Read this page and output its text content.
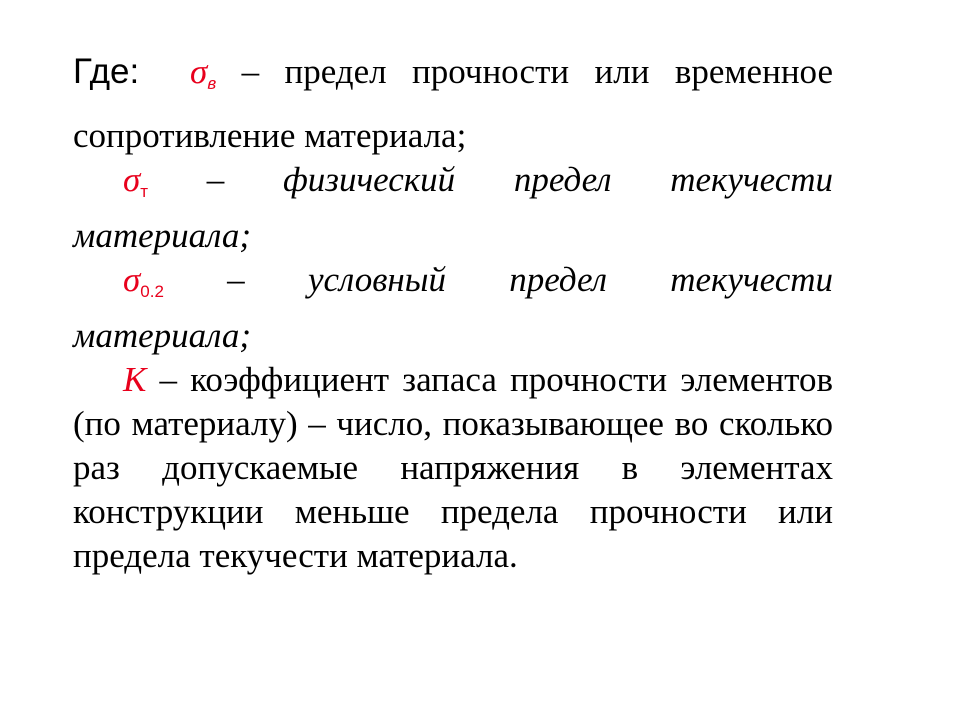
Где: $\sigma_в$ – предел прочности или временное
сопротивление материала;
$\sigma_т$ – физический предел текучести
материала;
$\sigma_{0.2}$ – условный предел текучести
материала;
K – коэффициент запаса прочности элементов (по материалу) – число, показывающее во сколько раз допускаемые напряжения в элементах конструкции меньше предела прочности или предела текучести материала.
